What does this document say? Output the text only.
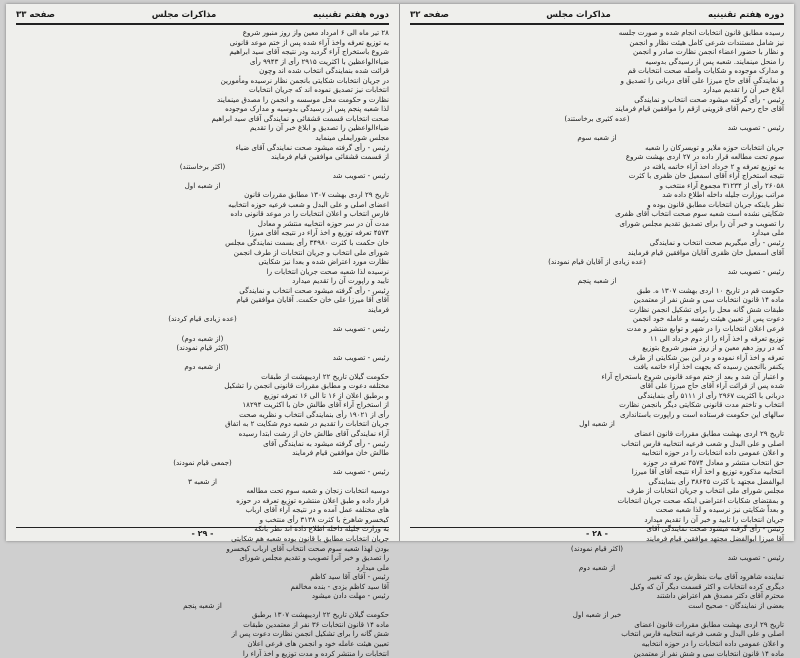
دوره هفتم تقنینیه
مذاکرات مجلس
صفحه ۳۳

۲۸ تیر ماه الی ۶ امرداد معین واز روز منبور شروع

به توزیع تعرفه واخذ آراء شده پس از ختم موعد قانونی

شروع باستخراج آراء گردید ودر نتیجه آقای سید ابراهیم

ضیاءالواعظین با اکثریت ۲۹۱۵ رأی از ۹۹۴۳ رأی

قرائت شده بنمایندگی انتخاب شده اند وچون

در جریان انتخابات شکایتی بانجمن نظار نرسیده ومأمورین

انتخابات نیز تصدیق نموده اند که جریان انتخابات

نظارت و حکومت محل موسسه و انجمن را مصدق مینمایند

لذا شعبه پنجم پس از رسیدگی بدوسیه و مدارک موجوده

صحت انتخابات قسمت قشقائی و نمایندگی آقای سید ابراهیم

ضیاءالواعظین را تصدیق و ابلاغ خبر آن را تقدیم

مجلس شورایملی مینماید

رئیس - رأی گرفته میشود صحت نمایندگی آقای ضیاء

از قسمت قشقائی موافقین قیام فرمایند

(اکثر برخاستند)

رئیس - تصویب شد

از شعبه اول

تاریخ ۲۹ اردی بهشت ۱۳۰۷ مطابق مقررات قانون

اعضای اصلی و علی البدل و شعب فرعیه حوزه انتخابیه

فارس انتخاب و اعلان انتخابات را در موعد قانونی داده

مدت آن در سر حوزه انتخابیه منتشر و معادل

۴۵۷۴ تعرفه توزیع و اخذ آراء در نتیجه آقای میرزا

خان حکمت با کثرت ۳۴۹۸۰ رأی بسمت نمایندگی مجلس

شورای ملی انتخاب و جریان انتخابات از طرف انجمن

نظارت مورد اعتراض شده و بعدا نیز شکایتی

نرسیده لذا شعبه صحت جریان انتخابات را

تایید و راپورت آن را تقدیم میدارد

رئیس - رأی گرفته میشود صحت انتخاب و نمایندگی

آقای آقا میرزا علی خان حکمت. آقایان موافقین قیام

فرمایند

(عده زیادی قیام کردند)

رئیس - تصویب شد

(از شعبه دوم)

(اکثر قیام نمودند)

رئیس - تصویب شد

از شعبه دوم

حکومت گیلان تاریخ ۲۲ اردیبهشت از طبقات

مختلفه دعوت و مطابق مقررات قانونی انجمن را تشکیل

و برطبق اعلان از ۱۶ تا الی ۱۶ تعرفه توزیع

از استخراج آراء آقای طالش خان با اکثریت ۱۸۲۹۴

رأی از ۱۹۰۲۱ رأی بنمایندگی انتخاب و نظریه صحت

جریان انتخابات را تقدیم در شعبه دوم شکایت ۲ به اتفاق

آراء نمایندگی آقای طالش خان از رشت ابتدا رسیده

رئیس - رأی گرفته میشود به نمایندگی آقای

طالش خان موافقین قیام فرمایند

(جمعی قیام نمودند)

رئیس - تصویب شد

از شعبه ۳

دوسیه انتخابات زنجان و شعبه سوم تحت مطالعه

قرار داده و طبق اعلان منتشره توزیع تعرفه در حوزه

های مختلفه عمل آمده و در نتیجه آراء آقای ارباب

کیخسرو شاهرخ با کثرت ۳۱۳۸ رأی منتخب و

به وزارت جلیله داخله اطلاع داده اند نظر بانکه

جریان انتخابات مطابق با قانون بوده شعبه هم شکایتی

بودن لهذا شعبه سوم صحت انتخاب آقای ارباب کیخسرو

را تصدیق و خبر آنرا تصویب و تقدیم مجلس شورای

ملی میدارد

رئیس - آقای آقا سید کاظم

آقا سید کاظم یزدی - بنده مخالفم

رئیس - مهلت دادن میشود

از شعبه پنجم

حکومت گیلان تاریخ ۲۲ اردیبهشت ۱۳۰۷ برطبق

ماده ۱۴ قانون انتخابات ۳۶ نفر از معتمدین طبقات

شش گانه را برای تشکیل انجمن نظارت دعوت پس از

تعیین هیئت عامله خود و انجمن های فرعی اعلان

انتخابات را منتشر کرده و مدت توزیع و اخذ آراء را

- ۲۹ -
دوره هفتم تقنینیه
مذاکرات مجلس
صفحه ۳۲

رسیده مطابق قانون انتخابات انجام شده و صورت جلسه

نیز شامل مستندات شرعی کامل هیئت نظار و انجمن

و نظار با حضور اعضاء انجمن نظارت صادر و انجمن

را منحل مینمایند. شعبه پس از رسیدگی بدوسیه

و مدارک موجوده و شکایات واصله صحت انتخابات قم

و نمایندگی آقای حاج میرزا علی آقای دربانی را تصدیق و

ابلاغ خبر آن را تقدیم میدارد

رئیس - رأی گرفته میشود صحت انتخاب و نمایندگی

آقای حاج رحیم آقای قزوینی ازقم را موافقین قیام فرمایند

(عده کثیری برخاستند)

رئیس - تصویب شد

از شعبه سوم

جریان انتخابات حوزه ملایر و تویسرکان را شعبه

سوم تحت مطالعه قرار داده در ۲۷ اردی بهشت شروع

به توزیع تعرفه و ۲ خرداد اخذ آراء خاتمه یافته در

نتیجه استخراج آراء آقای اسمعیل خان ظفری با کثرت

۲۶۰۵۸ رأی از ۳۱۲۳۴ مجموع آراء منتخب و

مراتب بوزارت جلیله داخله اطلاع داده شد

نظر باینکه جریان انتخابات مطابق قانون بوده و

شکایتی نشده است شعبه سوم صحت انتخاب آقای ظفری

را تصویب و خبر آن را برای تصدیق تقدیم مجلس شورای

ملی میدارد

رئیس - رأی میگیریم صحت انتخاب و نمایندگی

آقای اسمعیل خان ظفری آقایان موافقین قیام فرمایند

(عده زیادی از آقایان قیام نمودند)

رئیس - تصویب شد

از شعبه پنجم

حکومت قم در تاریخ ۱۰ اردی بهشت ۱۳۰۷ ه. طبق

ماده ۱۴ قانون انتخابات سی و شش نفر از معتمدین

طبقات شش گانه محل را برای تشکیل انجمن نظارت

دعوت پس از تعیین هیئت رئیسه و عامله خود انجمن

فرعی اعلان انتخابات را در شهر و توابع منتشر و مدت

توزیع تعرفه و اخذ آراء را از دوم خرداد الی ۱۱

که در روز دهم معین و از روز منبور شروع بتوزیع

تعرفه و اخذ آراء نموده و در این بین شکایتی از طرف

یکنفر باانجمن رسیده که بجهت اخذ آراء خاتمه یافت

و اعتبار آن شد و بعد از ختم موعد قانونی شروع باستخراج آراء

شده پس از قرائت آراء آقای حاج میرزا علی آقای

دربانی با اکثریت ۲۹۶۷ رأی از ۵۱۱۱ رأی بنمایندگی

انتخاب و تاختم مدت قانونی شکایتی دیگر بانجمن نظارت

سالهای این حکومت فرستاده است و راپورت باستانداری

از شعبه اول

تاریخ ۲۹ اردی بهشت مطابق مقررات قانون اعضای

اصلی و علی البدل و شعب فرعیه انتخابیه فارس انتخاب

و اعلان عمومی داده انتخابات را در حوزه انتخابیه

حق انتخاب منتشر و معادل ۴۵۷۴ تعرفه در حوزه

انتخابیه مذکوره توزیع و اخذ آراء نتیجه آقای آقا میرزا

ابوالفضل مجتهد با کثرت ۳۸۶۴۵ رأی بنمایندگی

مجلس شورای ملی انتخاب و جریان انتخابات از طرف

و بمقتضای شکایات اعتراضی اینکه صحت جریان انتخابات

و بعداً شکایتی نیز نرسیده و لذا شعبه صحت

جریان انتخابات را تایید و خبر آن را تقدیم میدارد

رئیس - رأی گرفته میشود صحت نمایندگی آقای

آقا میرزا ابوالفضل مجتهد موافقین قیام فرمایند

(اکثر قیام نمودند)

رئیس - تصویب شد

از شعبه دوم

نماینده شاهرود آقای بیات بنظرش بود که تغییر

دیگری کرده انتخابات و اکثر قسمت دیگر آن که وکیل

محترم آقای دکتر مصدق هم اعتراض داشتند

بعضی از نمایندگان - صحیح است

خبر از شعبه اول

تاریخ ۲۹ اردی بهشت مطابق مقررات قانون اعضای

اصلی و علی البدل و شعب فرعیه انتخابیه فارس انتخاب

و اعلان عمومی داده انتخابات را در حوزه انتخابیه

ماده ۱۴ قانون انتخابات سی و شش نفر از معتمدین

- ۲۸ -
